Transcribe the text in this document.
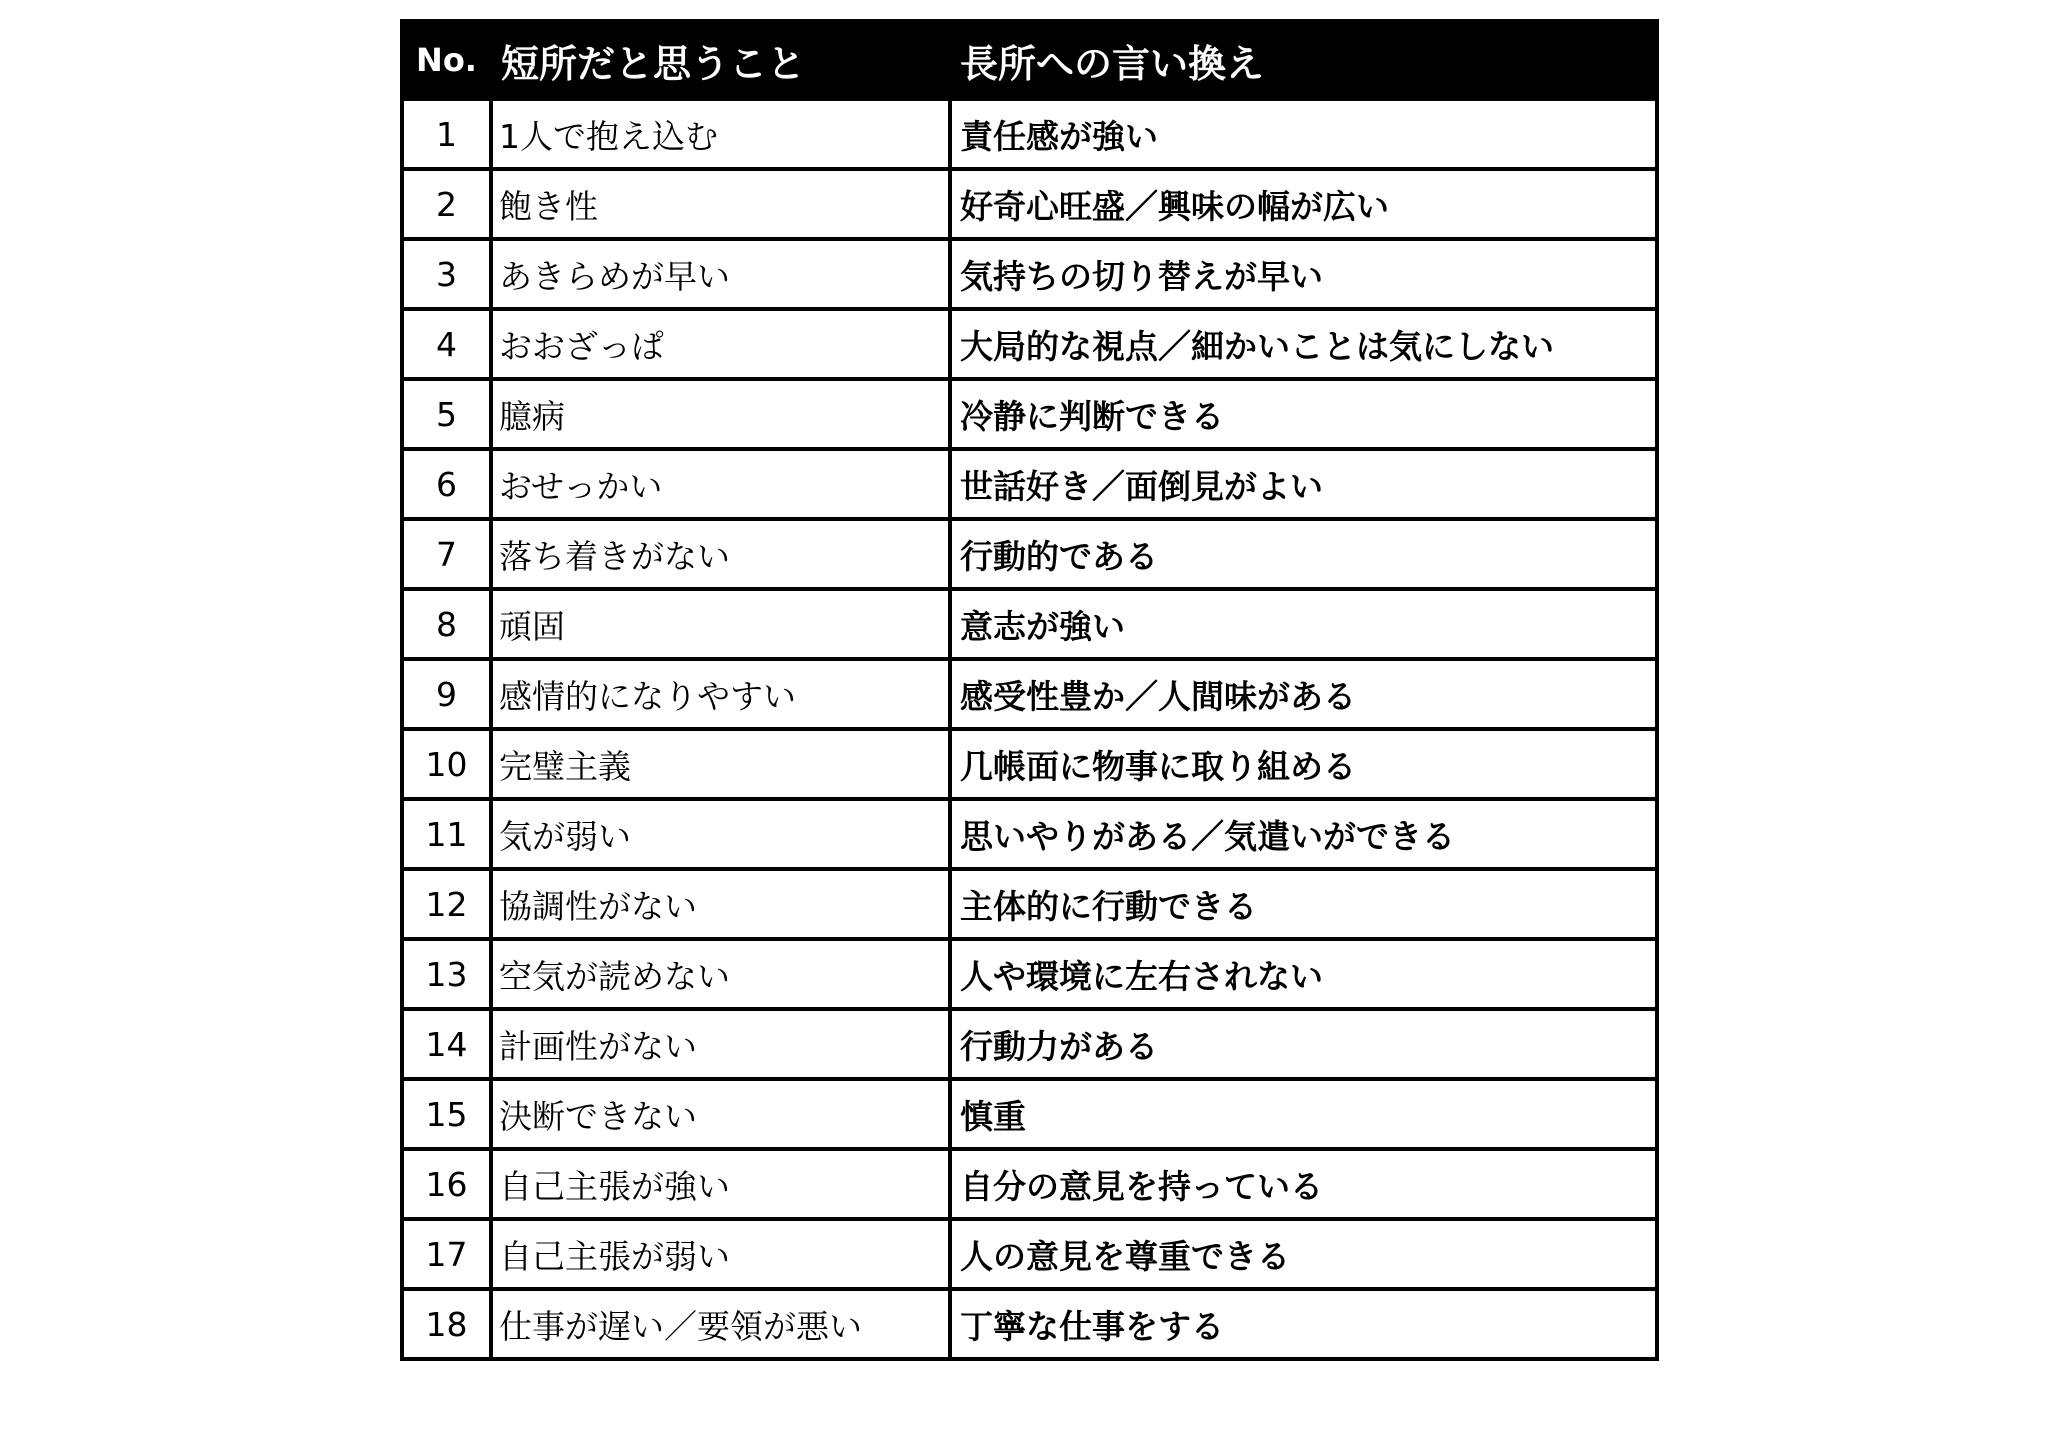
No.	短所だと思うこと	長所への言い換え
1	1人で抱え込む	責任感が強い
2	飽き性	好奇心旺盛／興味の幅が広い
3	あきらめが早い	気持ちの切り替えが早い
4	おおざっぱ	大局的な視点／細かいことは気にしない
5	臆病	冷静に判断できる
6	おせっかい	世話好き／面倒見がよい
7	落ち着きがない	行動的である
8	頑固	意志が強い
9	感情的になりやすい	感受性豊か／人間味がある
10	完璧主義	几帳面に物事に取り組める
11	気が弱い	思いやりがある／気遣いができる
12	協調性がない	主体的に行動できる
13	空気が読めない	人や環境に左右されない
14	計画性がない	行動力がある
15	決断できない	慎重
16	自己主張が強い	自分の意見を持っている
17	自己主張が弱い	人の意見を尊重できる
18	仕事が遅い／要領が悪い	丁寧な仕事をする
